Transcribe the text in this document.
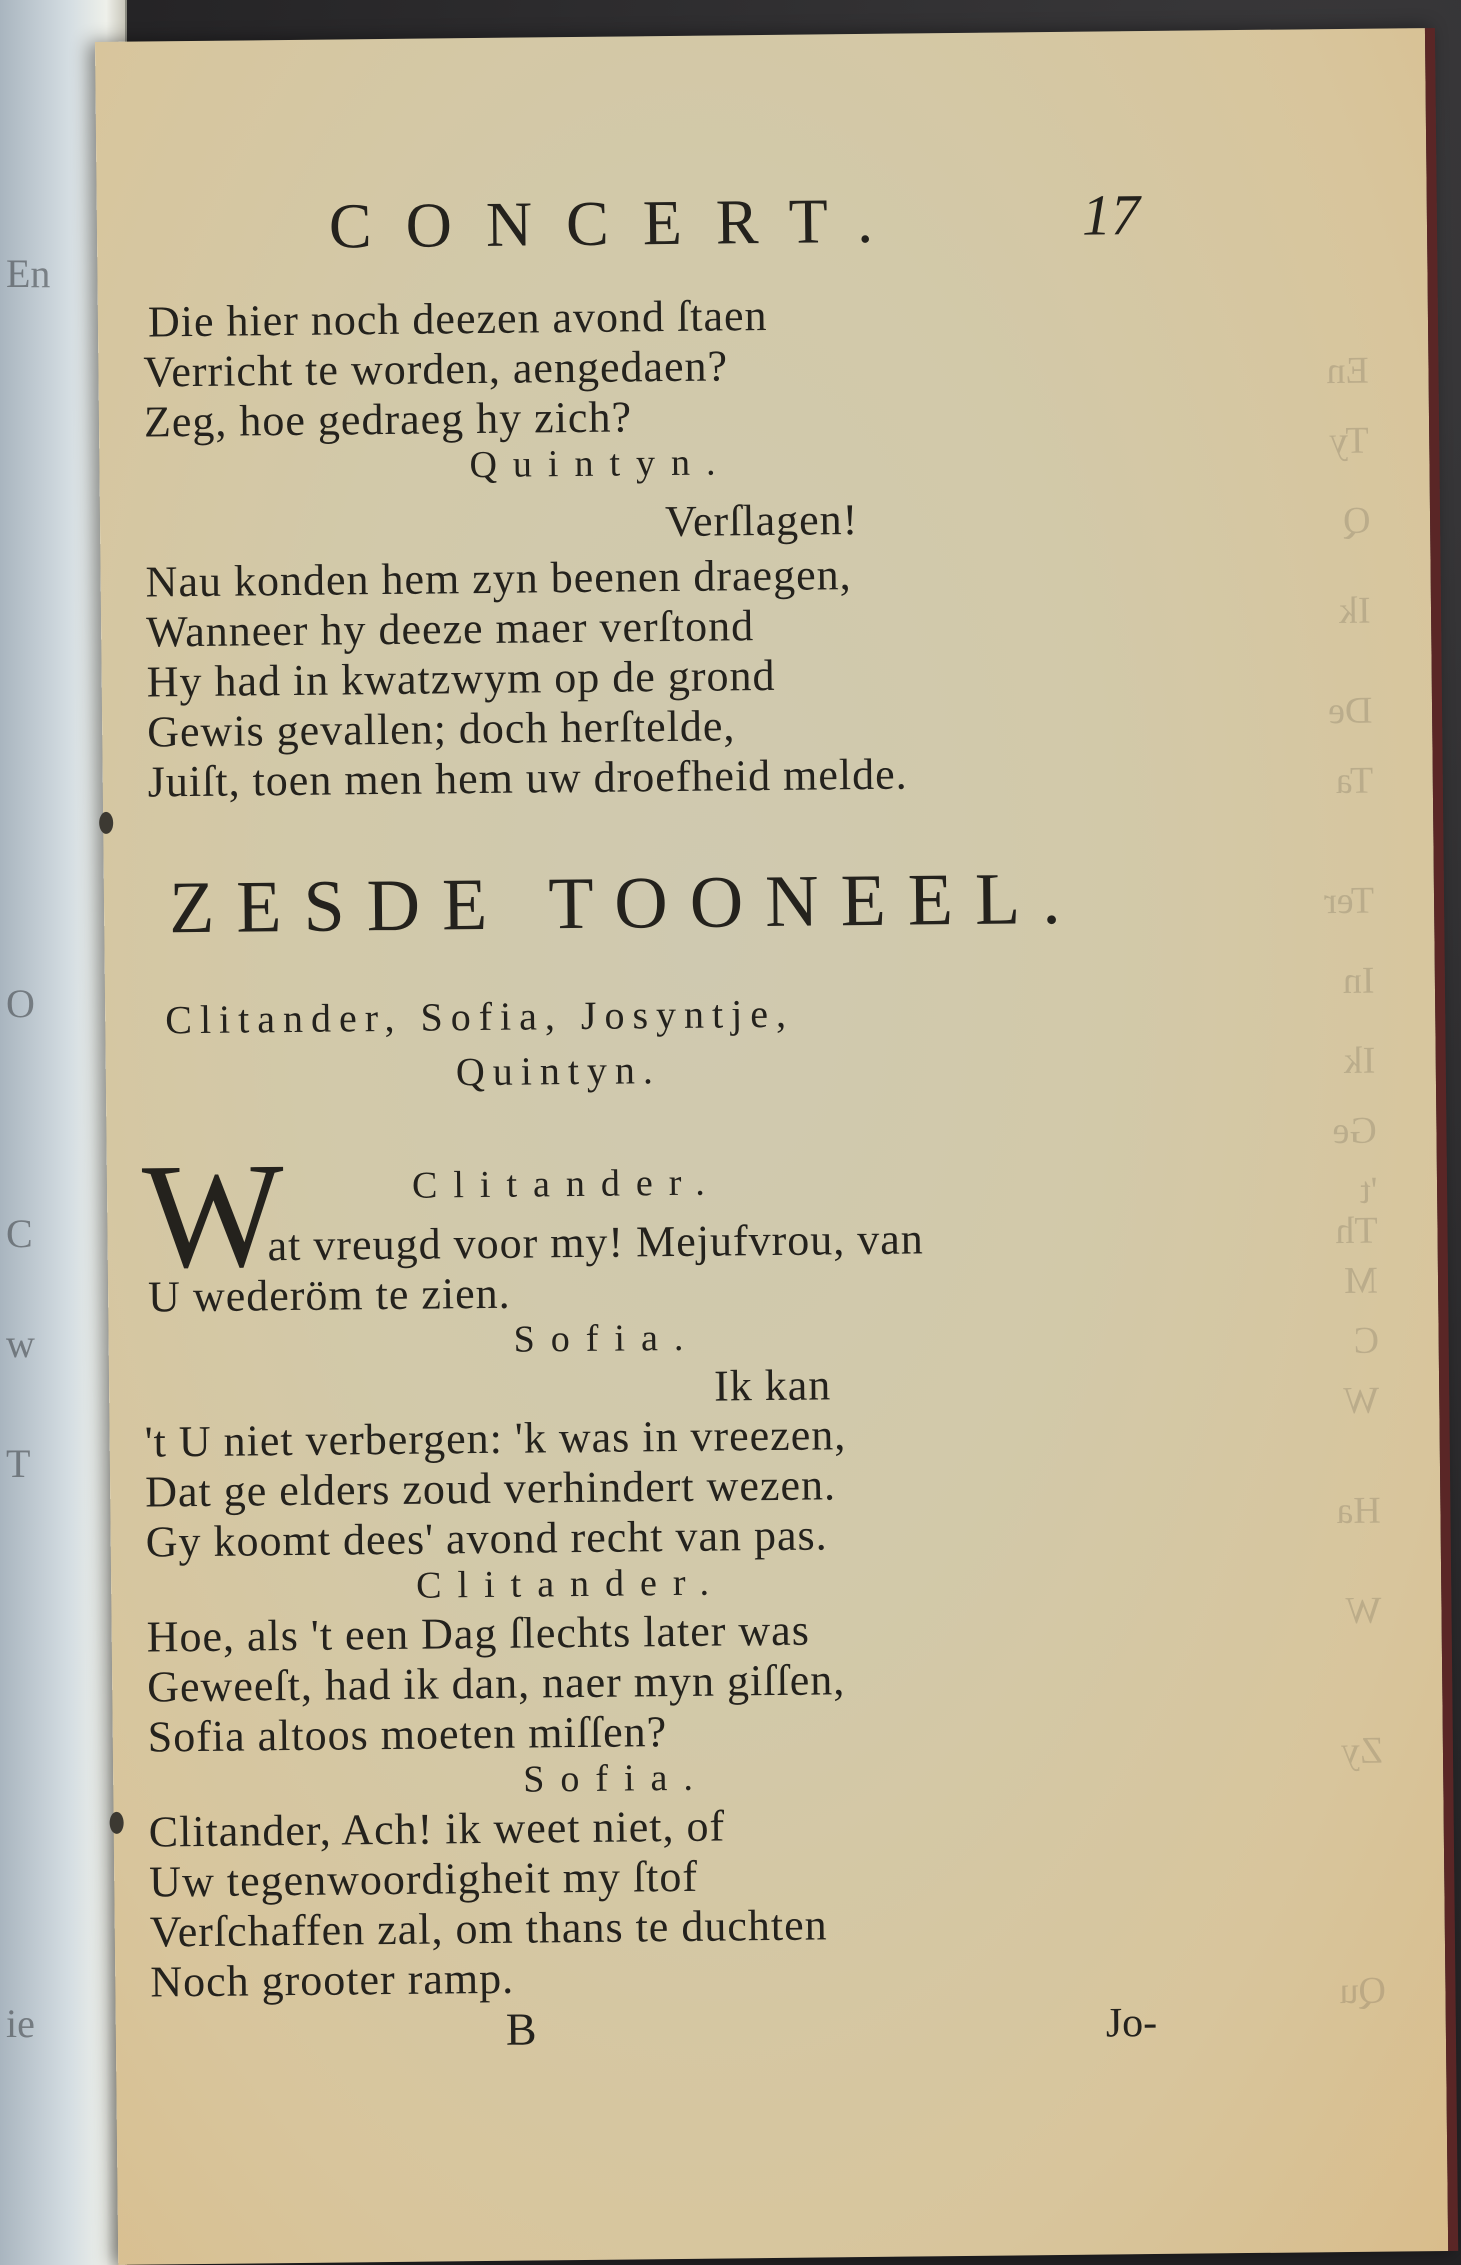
En
O
C
T
w
ie
En
Ty
Q
Ik
De
Ta
Ter
In
Ik
Ge
't
Th
M
C
W
Ha
W
Zy
Qu
CONCERT.	17
Die hier noch deezen avond ſtaen
Verricht te worden, aengedaen?
Zeg, hoe gedraeg hy zich?
Quintyn.
Verſlagen!
Nau konden hem zyn beenen draegen,
Wanneer hy deeze maer verſtond
Hy had in kwatzwym op de grond
Gewis gevallen; doch herſtelde,
Juiſt, toen men hem uw droefheid melde.
ZESDE TOONEEL.
Clitander, Sofia, Josyntje,
Quintyn.
W	Clitander.
at vreugd voor my! Mejufvrou, van
U wederöm te zien.
Sofia.
Ik kan
't U niet verbergen: 'k was in vreezen,
Dat ge elders zoud verhindert wezen.
Gy koomt dees' avond recht van pas.
Clitander.
Hoe, als 't een Dag ſlechts later was
Geweeſt, had ik dan, naer myn giſſen,
Sofia altoos moeten miſſen?
Sofia.
Clitander, Ach! ik weet niet, of
Uw tegenwoordigheit my ſtof
Verſchaffen zal, om thans te duchten
Noch grooter ramp.
B	Jo-
